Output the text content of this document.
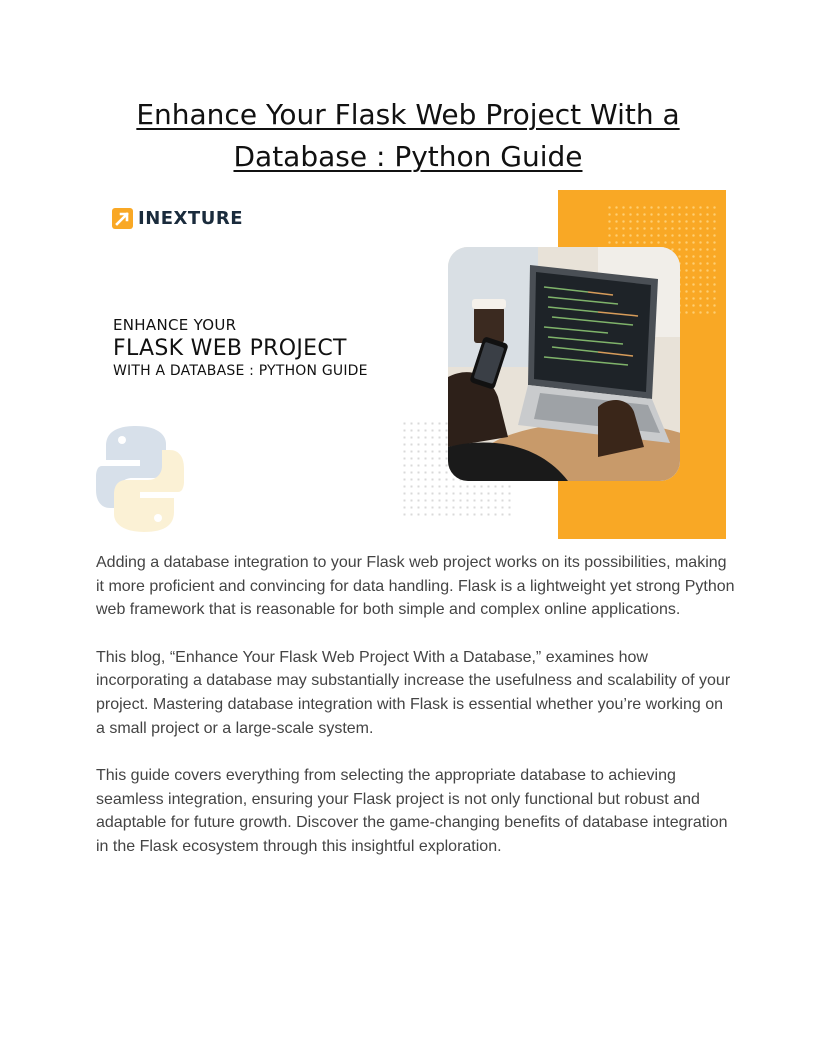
Enhance Your Flask Web Project With a
Database : Python Guide
INEXTURE
ENHANCE YOUR
FLASK WEB PROJECT
WITH A DATABASE : PYTHON GUIDE

Adding a database integration to your Flask web project works on its possibilities, making it more proficient and convincing for data handling. Flask is a lightweight yet strong Python web framework that is reasonable for both simple and complex online applications.

This blog, “Enhance Your Flask Web Project With a Database,” examines how incorporating a database may substantially increase the usefulness and scalability of your project. Mastering database integration with Flask is essential whether you’re working on a small project or a large-scale system.

This guide covers everything from selecting the appropriate database to achieving seamless integration, ensuring your Flask project is not only functional but robust and adaptable for future growth. Discover the game-changing benefits of database integration in the Flask ecosystem through this insightful exploration.
